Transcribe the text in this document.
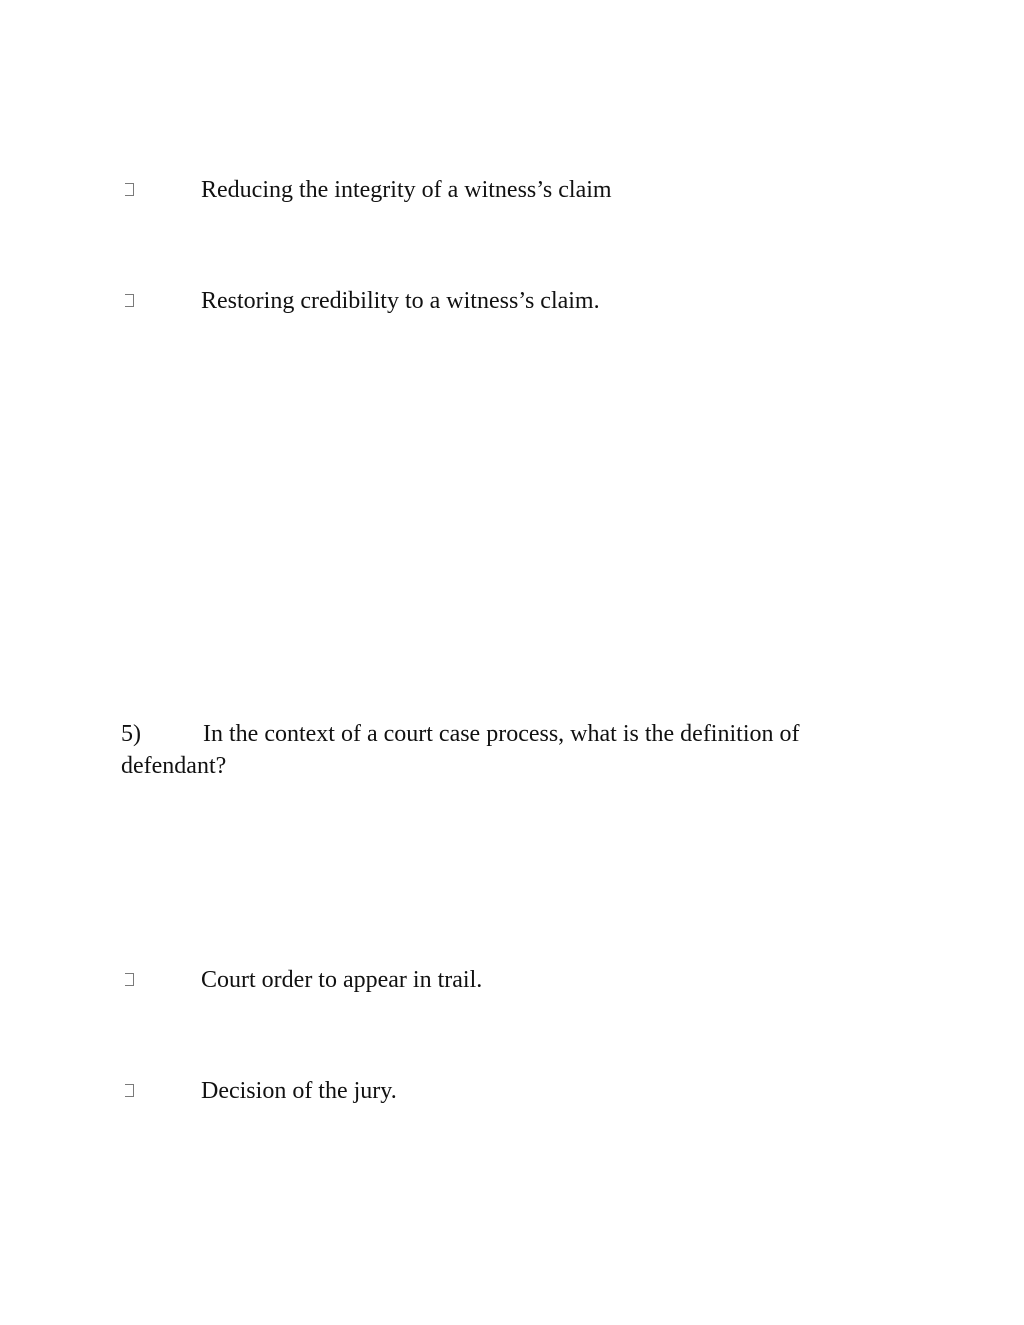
Reducing the integrity of a witness’s claim
Restoring credibility to a witness’s claim.
5)	In the context of a court case process, what is the definition of defendant?
Court order to appear in trail.
Decision of the jury.
